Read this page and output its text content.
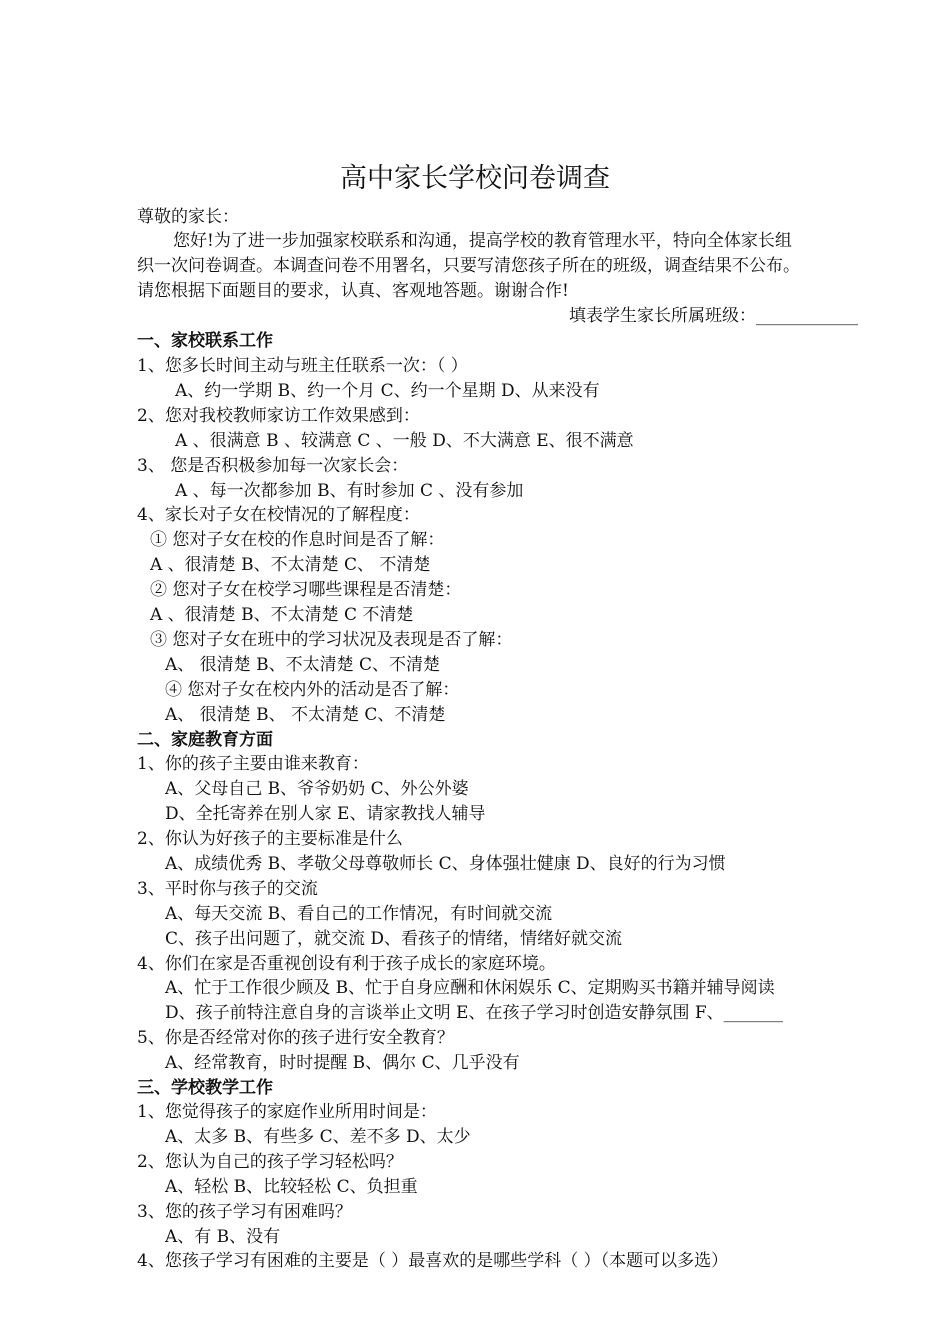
高中家长学校问卷调查
尊敬的家长：
您好!为了进一步加强家校联系和沟通，提高学校的教育管理水平，特向全体家长组
织一次问卷调查。本调查问卷不用署名，只要写清您孩子所在的班级，调查结果不公布。
请您根据下面题目的要求，认真、客观地答题。谢谢合作!
填表学生家长所属班级：____________
一、家校联系工作
1、您多长时间主动与班主任联系一次：（ ）
A、约一学期 B、约一个月 C、约一个星期 D、从来没有
2、您对我校教师家访工作效果感到：
A 、很满意 B 、较满意 C 、一般 D、不大满意 E、很不满意
3、 您是否积极参加每一次家长会：
A 、每一次都参加 B、有时参加 C 、没有参加
4、家长对子女在校情况的了解程度：
① 您对子女在校的作息时间是否了解：
A 、很清楚 B、不太清楚 C、 不清楚
② 您对子女在校学习哪些课程是否清楚：
A 、很清楚 B、不太清楚 C 不清楚
③ 您对子女在班中的学习状况及表现是否了解：
A、 很清楚 B、不太清楚 C、不清楚
④ 您对子女在校内外的活动是否了解：
A、 很清楚 B、 不太清楚 C、不清楚
二、家庭教育方面
1、你的孩子主要由谁来教育：
A、父母自己 B、爷爷奶奶 C、外公外婆
D、全托寄养在别人家 E、请家教找人辅导
2、你认为好孩子的主要标准是什么
A、成绩优秀 B、孝敬父母尊敬师长 C、身体强壮健康 D、良好的行为习惯
3、平时你与孩子的交流
A、每天交流 B、看自己的工作情况，有时间就交流
C、孩子出问题了，就交流 D、看孩子的情绪，情绪好就交流
4、你们在家是否重视创设有利于孩子成长的家庭环境。
A、忙于工作很少顾及 B、忙于自身应酬和休闲娱乐 C、定期购买书籍并辅导阅读
D、孩子前特注意自身的言谈举止文明 E、在孩子学习时创造安静氛围 F、_______
5、你是否经常对你的孩子进行安全教育？
A、经常教育，时时提醒 B、偶尔 C、几乎没有
三、学校教学工作
1、您觉得孩子的家庭作业所用时间是：
A、太多 B、有些多 C、差不多 D、太少
2、您认为自己的孩子学习轻松吗？
A、轻松 B、比较轻松 C、负担重
3、您的孩子学习有困难吗？
A、有 B、没有
4、您孩子学习有困难的主要是（ ）最喜欢的是哪些学科（ ）（本题可以多选）
